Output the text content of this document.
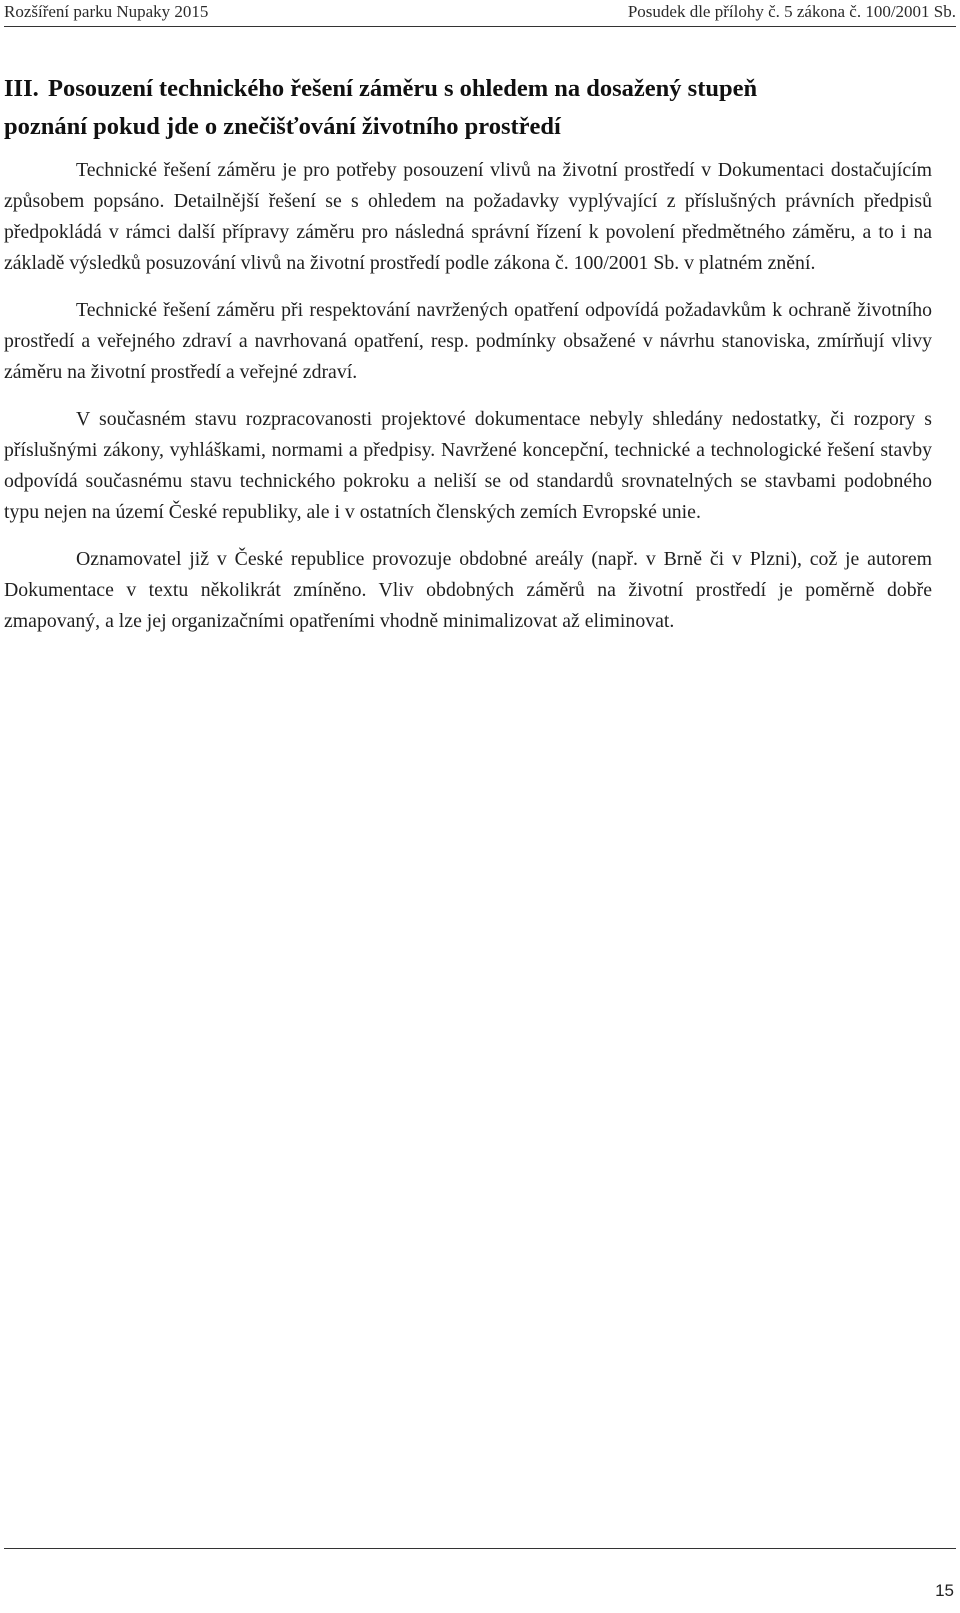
Rozšíření parku Nupaky 2015	Posudek dle přílohy č. 5 zákona č. 100/2001 Sb.
III. Posouzení technického řešení záměru s ohledem na dosažený stupeň
poznání pokud jde o znečišťování životního prostředí

Technické řešení záměru je pro potřeby posouzení vlivů na životní prostředí v Dokumentaci dostačujícím způsobem popsáno. Detailnější řešení se s ohledem na požadavky vyplývající z příslušných právních předpisů předpokládá v rámci další přípravy záměru pro následná správní řízení k povolení předmětného záměru, a to i na základě výsledků posuzování vlivů na životní prostředí podle zákona č. 100/2001 Sb. v platném znění.

Technické řešení záměru při respektování navržených opatření odpovídá požadavkům k ochraně životního prostředí a veřejného zdraví a navrhovaná opatření, resp. podmínky obsažené v návrhu stanoviska, zmírňují vlivy záměru na životní prostředí a veřejné zdraví.

V současném stavu rozpracovanosti projektové dokumentace nebyly shledány nedostatky, či rozpory s příslušnými zákony, vyhláškami, normami a předpisy. Navržené koncepční, technické a technologické řešení stavby odpovídá současnému stavu technického pokroku a neliší se od standardů srovnatelných se stavbami podobného typu nejen na území České republiky, ale i v ostatních členských zemích Evropské unie.

Oznamovatel již v České republice provozuje obdobné areály (např. v Brně či v Plzni), což je autorem Dokumentace v textu několikrát zmíněno. Vliv obdobných záměrů na životní prostředí je poměrně dobře zmapovaný, a lze jej organizačními opatřeními vhodně minimalizovat až eliminovat.

15
